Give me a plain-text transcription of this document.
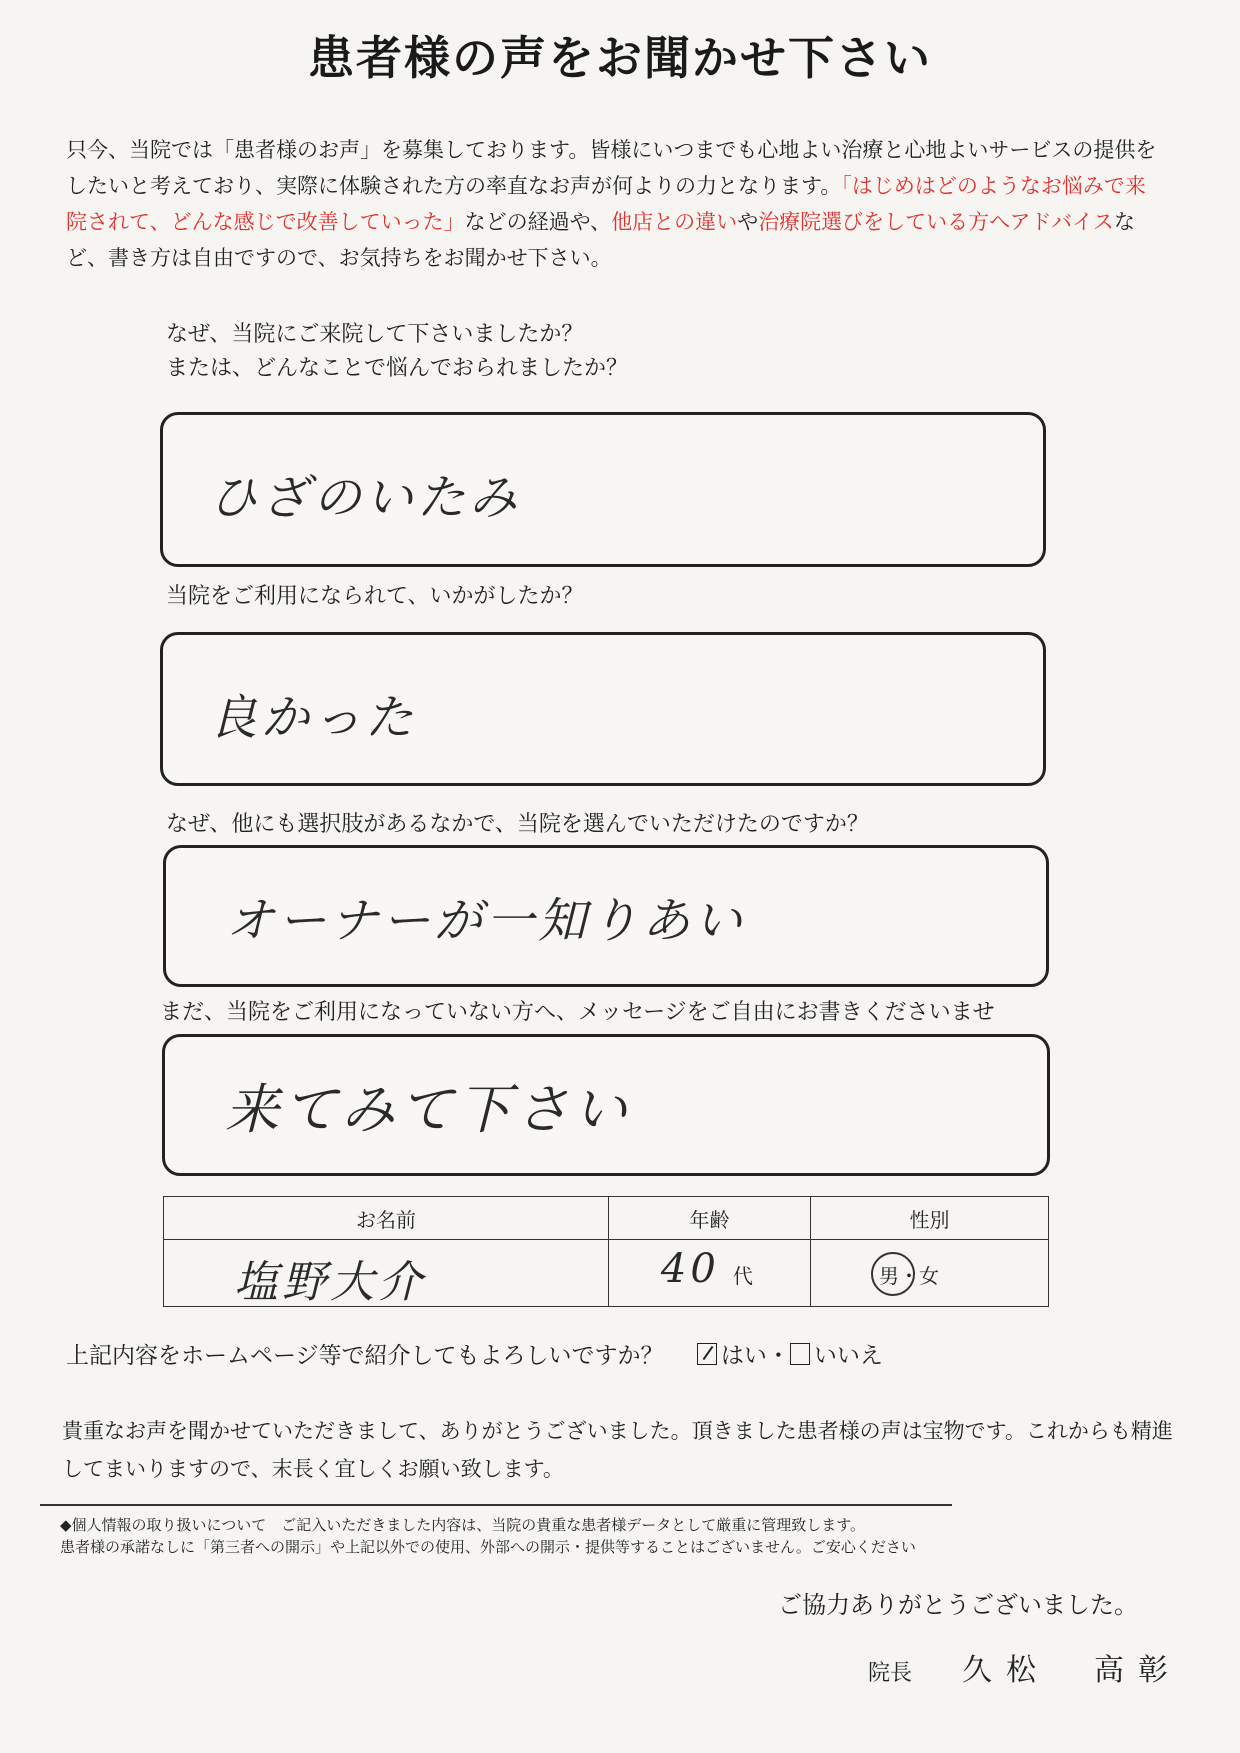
患者様の声をお聞かせ下さい
只今、当院では「患者様のお声」を募集しております。皆様にいつまでも心地よい治療と心地よいサービスの提供をしたいと考えており、実際に体験された方の率直なお声が何よりの力となります。「はじめはどのようなお悩みで来院されて、どんな感じで改善していった」などの経過や、他店との違いや治療院選びをしている方へアドバイスなど、書き方は自由ですので、お気持ちをお聞かせ下さい。
なぜ、当院にご来院して下さいましたか？
または、どんなことで悩んでおられましたか？
ひざのいたみ
当院をご利用になられて、いかがしたか？
良かった
なぜ、他にも選択肢があるなかで、当院を選んでいただけたのですか？
オーナーが一知りあい
まだ、当院をご利用になっていない方へ、メッセージをご自由にお書きくださいませ
来てみて下さい
お名前	年齢	性別

塩野大介	40 代	男・女
上記内容をホームページ等で紹介してもよろしいですか？ はい・ いいえ
貴重なお声を聞かせていただきまして、ありがとうございました。頂きました患者様の声は宝物です。これからも精進してまいりますので、末長く宜しくお願い致します。
◆個人情報の取り扱いについて　ご記入いただきました内容は、当院の貴重な患者様データとして厳重に管理致します。
患者様の承諾なしに「第三者への開示」や上記以外での使用、外部への開示・提供等することはございません。ご安心ください
ご協力ありがとうございました。
院長 久松　高彰
